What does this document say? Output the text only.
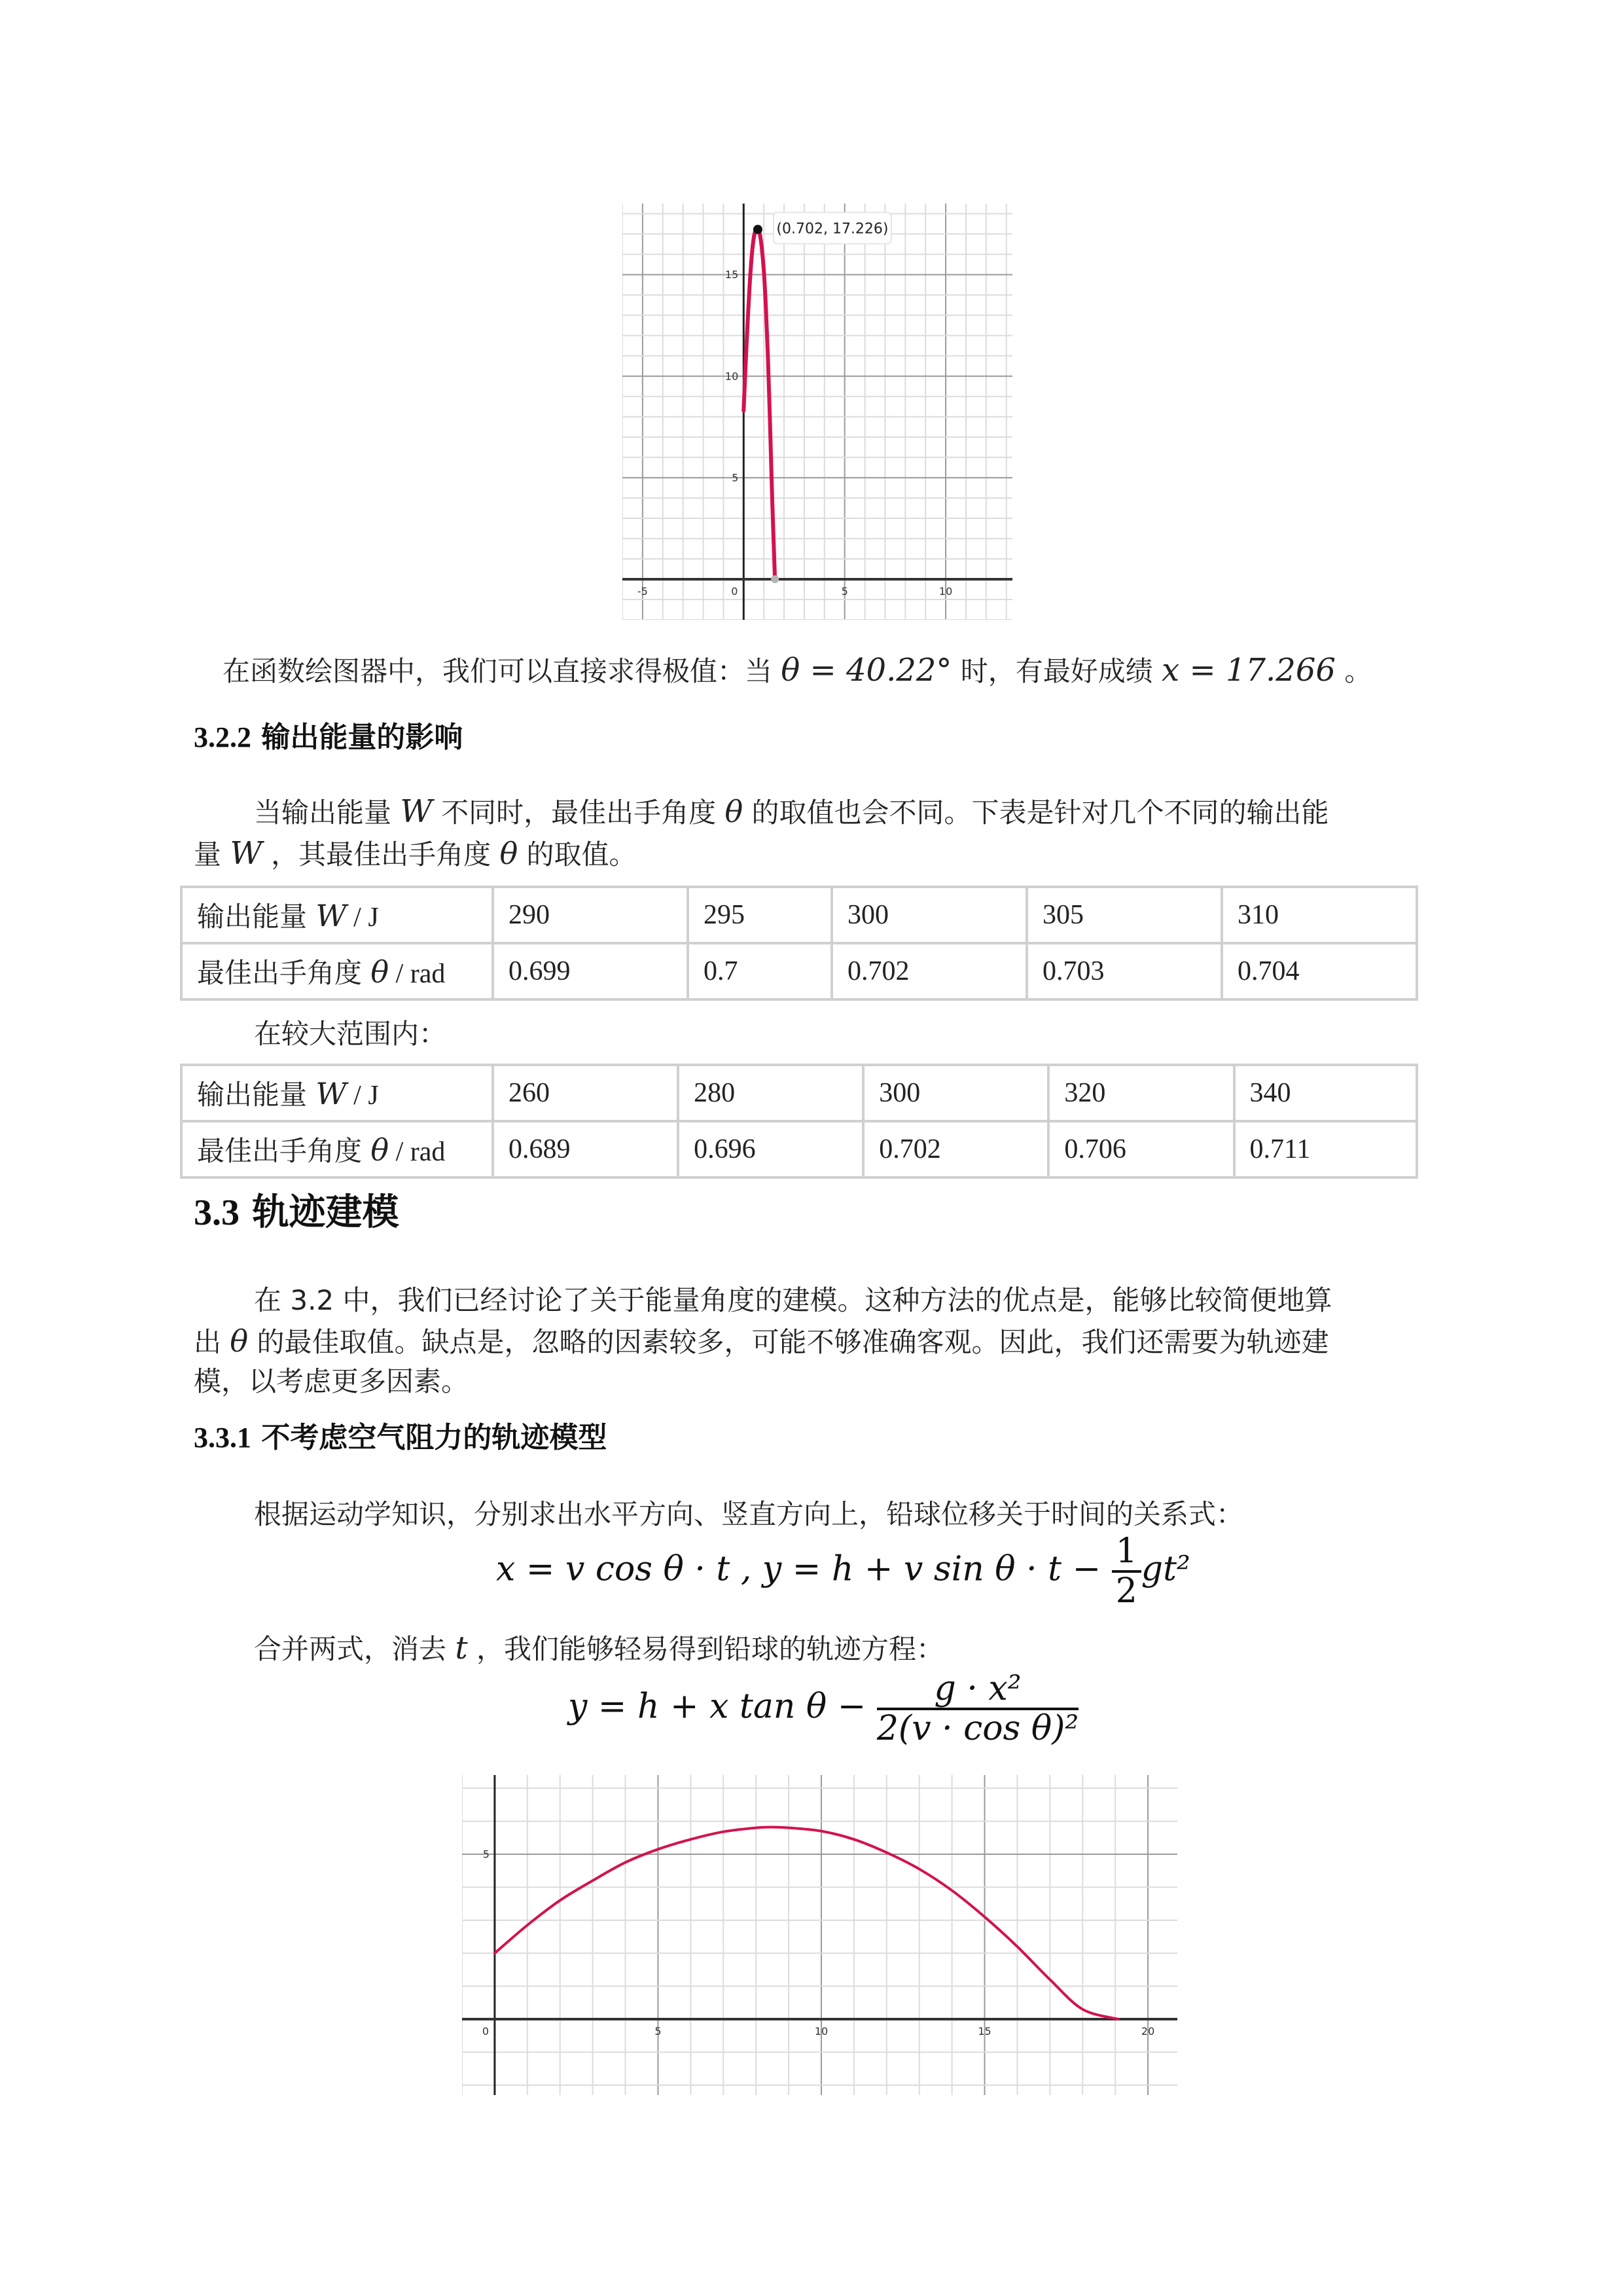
-5	0	5	10
5
10
15
(0.702, 17.226)
在函数绘图器中，我们可以直接求得极值：当 θ = 40.22° 时，有最好成绩 x = 17.266 。
3.2.2 输出能量的影响
当输出能量 W 不同时，最佳出手角度 θ 的取值也会不同。下表是针对几个不同的输出能
量 W ，其最佳出手角度 θ 的取值。
输出能量 W / J	290	295	300	305	310
最佳出手角度 θ / rad	0.699	0.7	0.702	0.703	0.704
在较大范围内：
输出能量 W / J	260	280	300	320	340
最佳出手角度 θ / rad	0.689	0.696	0.702	0.706	0.711
3.3 轨迹建模
在 3.2 中，我们已经讨论了关于能量角度的建模。这种方法的优点是，能够比较简便地算
出 θ 的最佳取值。缺点是，忽略的因素较多，可能不够准确客观。因此，我们还需要为轨迹建
模，以考虑更多因素。
3.3.1 不考虑空气阻力的轨迹模型
根据运动学知识，分别求出水平方向、竖直方向上，铅球位移关于时间的关系式：
x = v cos θ · t , y = h + v $\sin \theta \cdot t - \frac{1}{2} gt^2$
合并两式，消去 t ，我们能够轻易得到铅球的轨迹方程：
y = h + x $\tan \theta - \frac{\text{g · x²}}{\text{2(v · cos θ)²}}$
0	5	10	15	20
5
